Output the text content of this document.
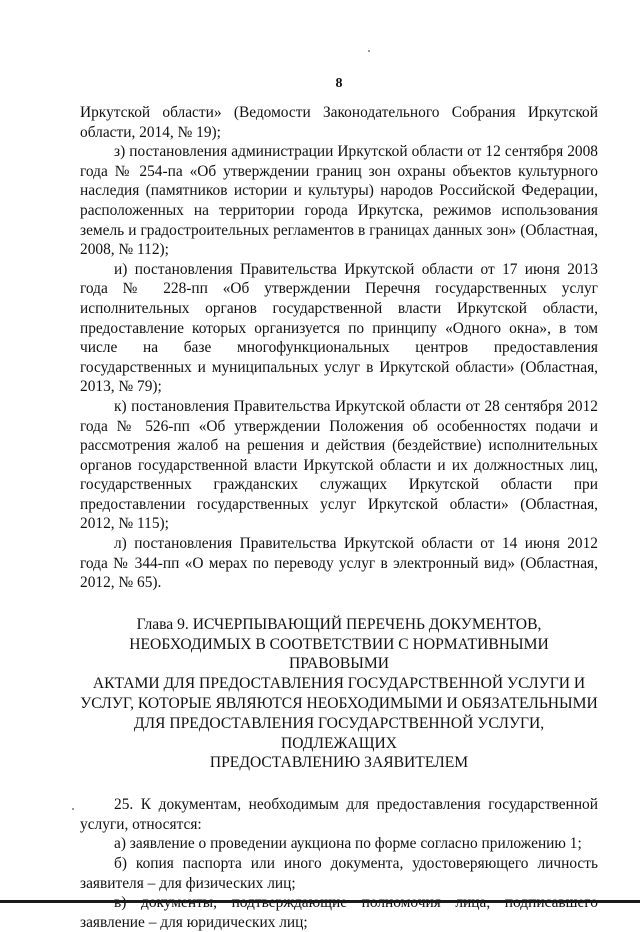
8

Иркутской области» (Ведомости Законодательного Собрания Иркутской области, 2014, № 19);

з) постановления администрации Иркутской области от 12 сентября 2008 года № 254-па «Об утверждении границ зон охраны объектов культурного наследия (памятников истории и культуры) народов Российской Федерации, расположенных на территории города Иркутска, режимов использования земель и градостроительных регламентов в границах данных зон» (Областная, 2008, № 112);

и) постановления Правительства Иркутской области от 17 июня 2013 года № 228-пп «Об утверждении Перечня государственных услуг исполнительных органов государственной власти Иркутской области, предоставление которых организуется по принципу «Одного окна», в том числе на базе многофункциональных центров предоставления государственных и муниципальных услуг в Иркутской области» (Областная, 2013, № 79);

к) постановления Правительства Иркутской области от 28 сентября 2012 года № 526-пп «Об утверждении Положения об особенностях подачи и рассмотрения жалоб на решения и действия (бездействие) исполнительных органов государственной власти Иркутской области и их должностных лиц, государственных гражданских служащих Иркутской области при предоставлении государственных услуг Иркутской области» (Областная, 2012, № 115);

л) постановления Правительства Иркутской области от 14 июня 2012 года № 344-пп «О мерах по переводу услуг в электронный вид» (Областная, 2012, № 65).

Глава 9. ИСЧЕРПЫВАЮЩИЙ ПЕРЕЧЕНЬ ДОКУМЕНТОВ,
НЕОБХОДИМЫХ В СООТВЕТСТВИИ С НОРМАТИВНЫМИ ПРАВОВЫМИ
АКТАМИ ДЛЯ ПРЕДОСТАВЛЕНИЯ ГОСУДАРСТВЕННОЙ УСЛУГИ И
УСЛУГ, КОТОРЫЕ ЯВЛЯЮТСЯ НЕОБХОДИМЫМИ И ОБЯЗАТЕЛЬНЫМИ
ДЛЯ ПРЕДОСТАВЛЕНИЯ ГОСУДАРСТВЕННОЙ УСЛУГИ, ПОДЛЕЖАЩИХ
ПРЕДОСТАВЛЕНИЮ ЗАЯВИТЕЛЕМ

25. К документам, необходимым для предоставления государственной услуги, относятся:

а) заявление о проведении аукциона по форме согласно приложению 1;

б) копия паспорта или иного документа, удостоверяющего личность заявителя – для физических лиц;

заявление – для юридических лиц;
